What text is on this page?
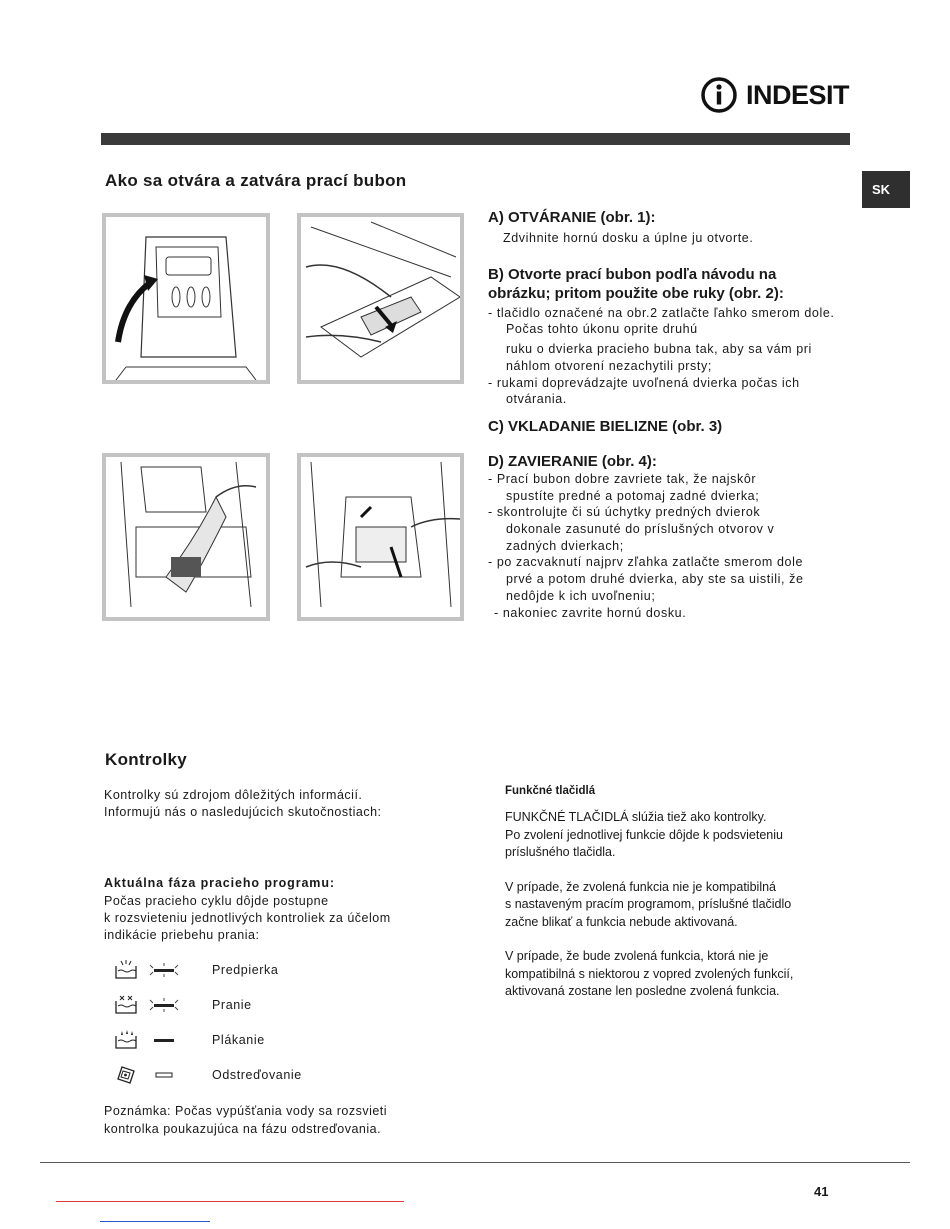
INDESIT
SK
Ako sa otvára a zatvára prací bubon

A) OTVÁRANIE (obr. 1):

Zdvihnite hornú dosku a úplne ju otvorte.

B) Otvorte prací bubon podľa návodu na

obrázku; pritom použite obe ruky (obr. 2):

- tlačidlo označené na obr.2 zatlačte ľahko smerom dole. Počas tohto úkonu oprite druhú
ruku o dvierka pracieho bubna tak, aby sa vám pri náhlom otvorení nezachytili prsty;
- rukami doprevádzajte uvoľnená dvierka počas ich otvárania.

C) VKLADANIE BIELIZNE (obr. 3)

D) ZAVIERANIE (obr. 4):

- Prací bubon dobre zavriete tak, že najskôr spustíte predné a potomaj zadné dvierka;
- skontrolujte či sú úchytky predných dvierok dokonale zasunuté do príslušných otvorov v zadných dvierkach;
- po zacvaknutí najprv zľahka zatlačte smerom dole prvé a potom druhé dvierka, aby ste sa uistili, že nedôjde k ich uvoľneniu;
- nakoniec zavrite hornú dosku.
Kontrolky

Kontrolky sú zdrojom dôležitých informácií.

Informujú nás o nasledujúcich skutočnostiach:

Aktuálna fáza pracieho programu:

Počas pracieho cyklu dôjde postupne

k rozsvieteniu jednotlivých kontroliek za účelom

indikácie priebehu prania:

Predpierka
Pranie
Plákanie
Odstreďovanie

Poznámka: Počas vypúšťania vody sa rozsvieti

kontrolka poukazujúca na fázu odstreďovania.

Funkčné tlačidlá

FUNKČNÉ TLAČIDLÁ slúžia tiež ako kontrolky.
Po zvolení jednotlivej funkcie dôjde k podsvieteniu
príslušného tlačidla.
V prípade, že zvolená funkcia nie je kompatibilná
s nastaveným pracím programom, príslušné tlačidlo
začne blikať a funkcia nebude aktivovaná.
V prípade, že bude zvolená funkcia, ktorá nie je
kompatibilná s niektorou z vopred zvolených funkcií,
aktivovaná zostane len posledne zvolená funkcia.
41
